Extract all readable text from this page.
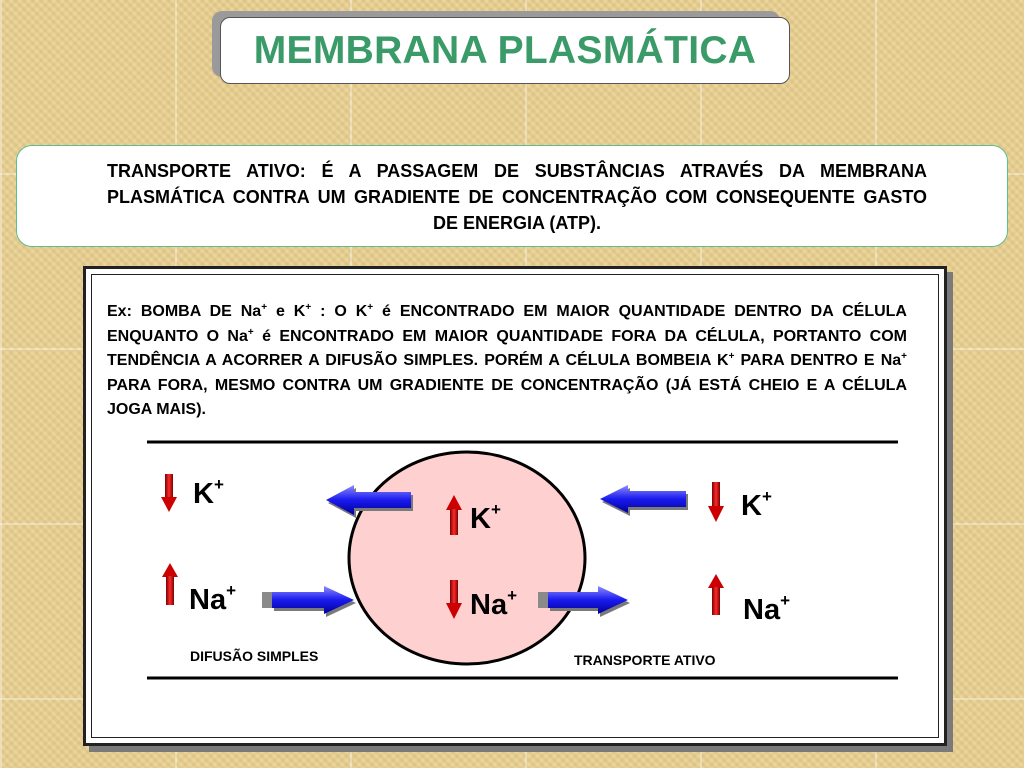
MEMBRANA PLASMÁTICA
TRANSPORTE ATIVO: É A PASSAGEM DE SUBSTÂNCIAS ATRAVÉS DA MEMBRANA PLASMÁTICA CONTRA UM GRADIENTE DE CONCENTRAÇÃO COM CONSEQUENTE GASTO DE ENERGIA (ATP).
Ex: BOMBA DE Na+ e K+ : O K+ é ENCONTRADO EM MAIOR QUANTIDADE DENTRO DA CÉLULA ENQUANTO O Na+ é ENCONTRADO EM MAIOR QUANTIDADE FORA DA CÉLULA, PORTANTO COM TENDÊNCIA A ACORRER A DIFUSÃO SIMPLES. PORÉM A CÉLULA BOMBEIA K+ PARA DENTRO E Na+ PARA FORA, MESMO CONTRA UM GRADIENTE DE CONCENTRAÇÃO (JÁ ESTÁ CHEIO E A CÉLULA JOGA MAIS).
K+
Na+
K+
Na+
K+
Na+
DIFUSÃO SIMPLES	TRANSPORTE ATIVO
